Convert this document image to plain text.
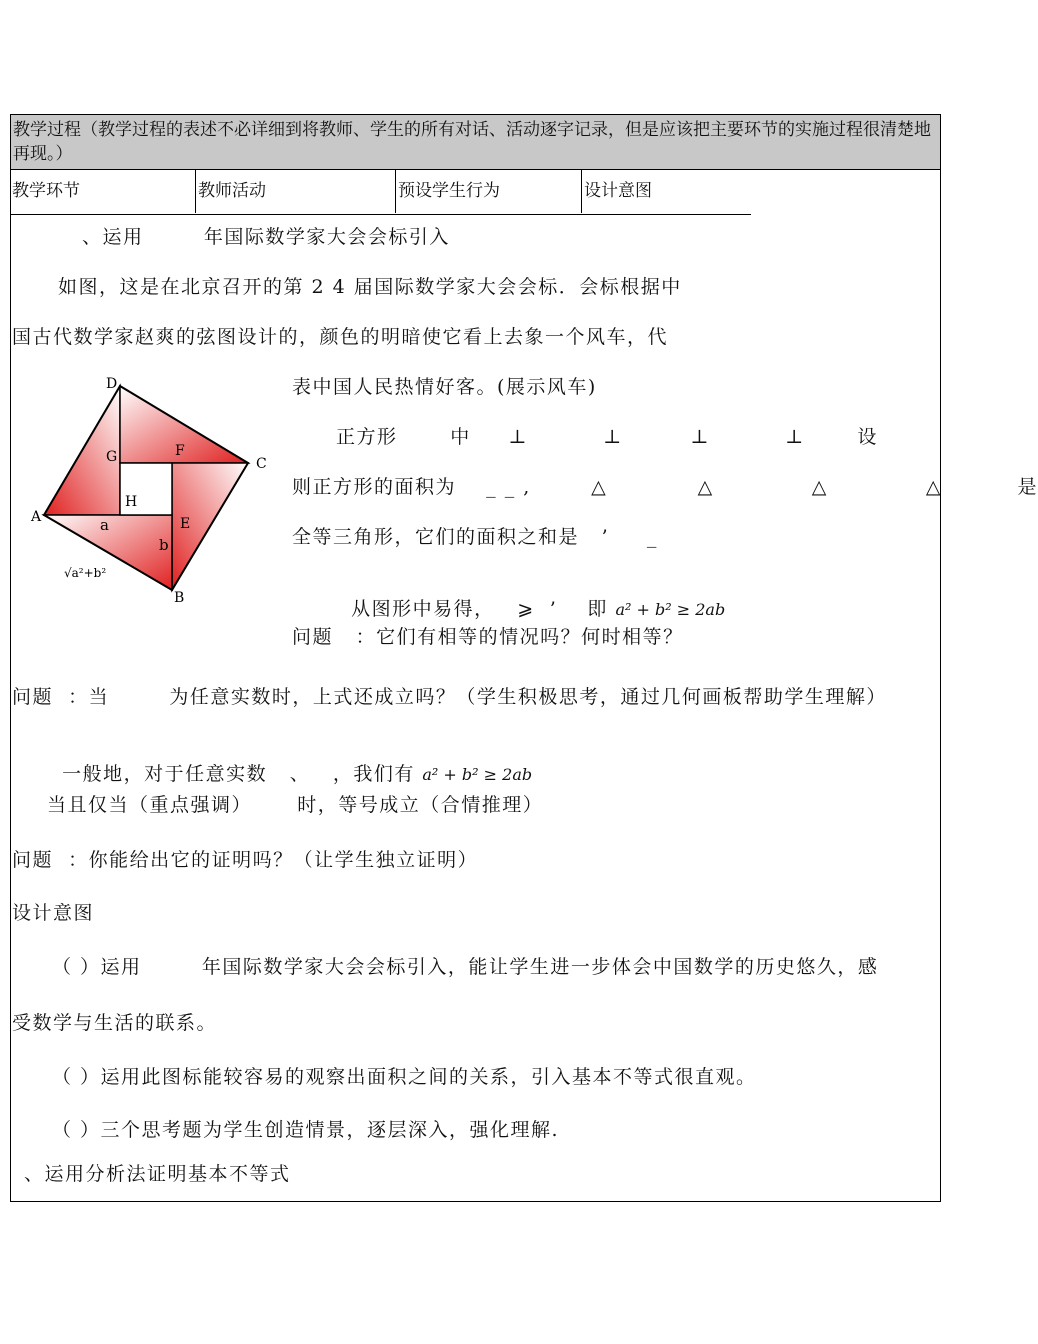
教学过程（教学过程的表述不必详细到将教师、学生的所有对话、活动逐字记录，但是应该把主要环节的实施过程很清楚地再现。）
教学环节	教师活动	预设学生行为	设计意图
、运用        年国际数学家大会会标引入
如图，这是在北京召开的第 2 4 届国际数学家大会会标．会标根据中
国古代数学家赵爽的弦图设计的，颜色的明暗使它看上去象一个风车，代
表中国人民热情好客。(展示风车)
D
C
B
A
F
G
H
E
a
b
√a²+b²
正方形       中     ⊥          ⊥         ⊥          ⊥       设
则正方形的面积为    _ _ ,        △            △             △             △          是
全等三角形，它们的面积之和是   ’     _

从图形中易得，   ⩾  ’    即 a² + b² ≥ 2ab

问题   ：它们有相等的情况吗？何时相等？
问题  ：当        为任意实数时，上式还成立吗？（学生积极思考，通过几何画板帮助学生理解）

一般地，对于任意实数   、   ，我们有 a² + b² ≥ 2ab

当且仅当（重点强调）      时，等号成立（合情推理）
问题  ：你能给出它的证明吗？（让学生独立证明）
设计意图
（ ）运用        年国际数学家大会会标引入，能让学生进一步体会中国数学的历史悠久，感
受数学与生活的联系。
（ ）运用此图标能较容易的观察出面积之间的关系，引入基本不等式很直观。
（ ）三个思考题为学生创造情景，逐层深入，强化理解.
、运用分析法证明基本不等式
